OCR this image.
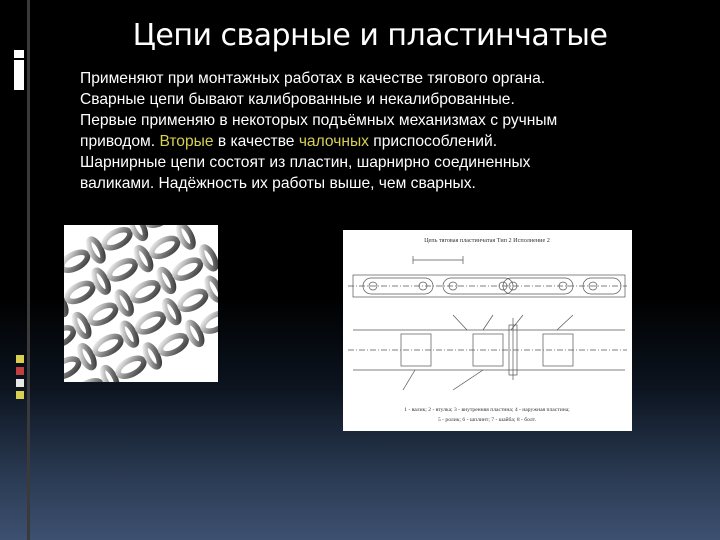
Цепи сварные и пластинчатые
Применяют при монтажных работах в качестве тягового органа.
Сварные цепи бывают калиброванные и некалиброванные.
Первые применяю в некоторых подъёмных механизмах с ручным
приводом. Вторые в качестве чалочных приспособлений.
Шарнирные цепи состоят из пластин, шарнирно соединенных
валиками. Надёжность их работы выше, чем сварных.
Цепь тяговая пластинчатая Тип 2 Исполнение 2
1 - валик; 2 - втулка; 3 - внутренняя пластина; 4 - наружная пластина;
5 - ролик; 6 - шплинт; 7 - шайба; 8 - болт.
